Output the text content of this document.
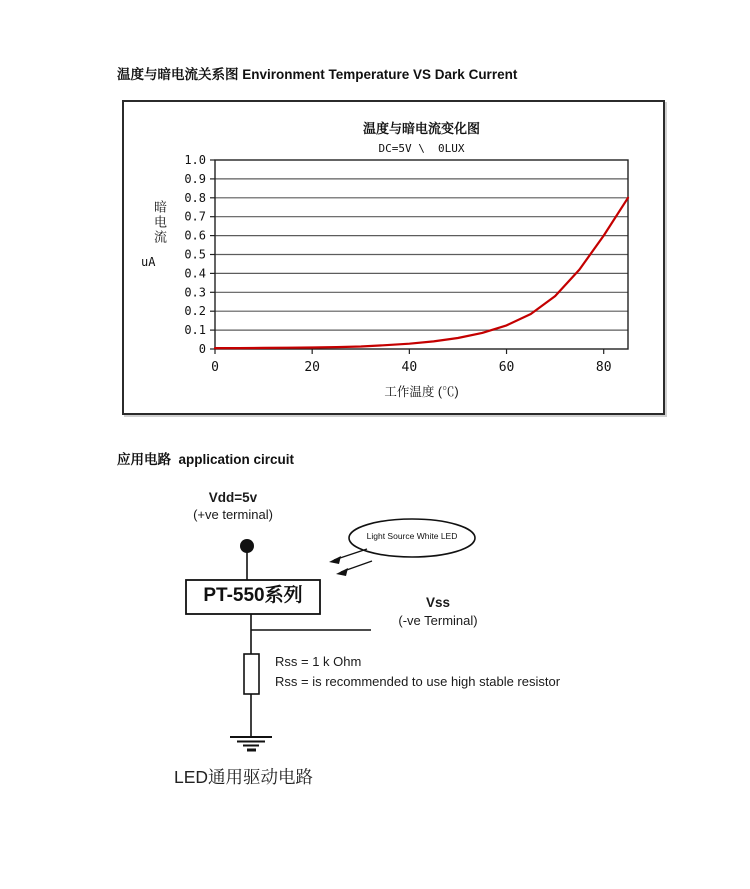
温度与暗电流关系图 Environment Temperature VS Dark Current
温度与暗电流变化图
DC=5V \  0LUX
暗电流
uA
0
0.1
0.2
0.3
0.4
0.5
0.6
0.7
0.8
0.9
1.0
0	20	40	60	80
工作温度 (℃)
应用电路  application circuit
Vdd=5v
(+ve terminal)
PT-550系列
Light Source White LED
Vss
(-ve Terminal)
Rss = 1 k Ohm
Rss = is recommended to use high stable resistor
LED通用驱动电路
